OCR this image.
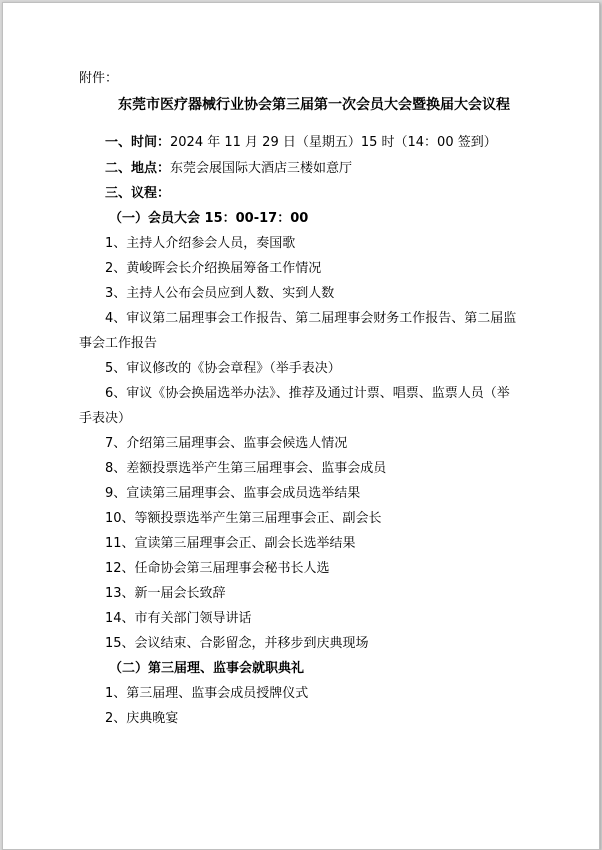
附件：
东莞市医疗器械行业协会第三届第一次会员大会暨换届大会议程
一、时间：2024 年 11 月 29 日（星期五）15 时（14：00 签到）
二、地点：东莞会展国际大酒店三楼如意厅
三、议程：
（一）会员大会 15：00-17：00
1、主持人介绍参会人员，奏国歌
2、黄峻晖会长介绍换届筹备工作情况
3、主持人公布会员应到人数、实到人数
4、审议第二届理事会工作报告、第二届理事会财务工作报告、第二届监
事会工作报告
5、审议修改的《协会章程》（举手表决）
6、审议《协会换届选举办法》、推荐及通过计票、唱票、监票人员（举
手表决）
7、介绍第三届理事会、监事会候选人情况
8、差额投票选举产生第三届理事会、监事会成员
9、宣读第三届理事会、监事会成员选举结果
10、等额投票选举产生第三届理事会正、副会长
11、宣读第三届理事会正、副会长选举结果
12、任命协会第三届理事会秘书长人选
13、新一届会长致辞
14、市有关部门领导讲话
15、会议结束、合影留念，并移步到庆典现场
（二）第三届理、监事会就职典礼
1、第三届理、监事会成员授牌仪式
2、庆典晚宴
